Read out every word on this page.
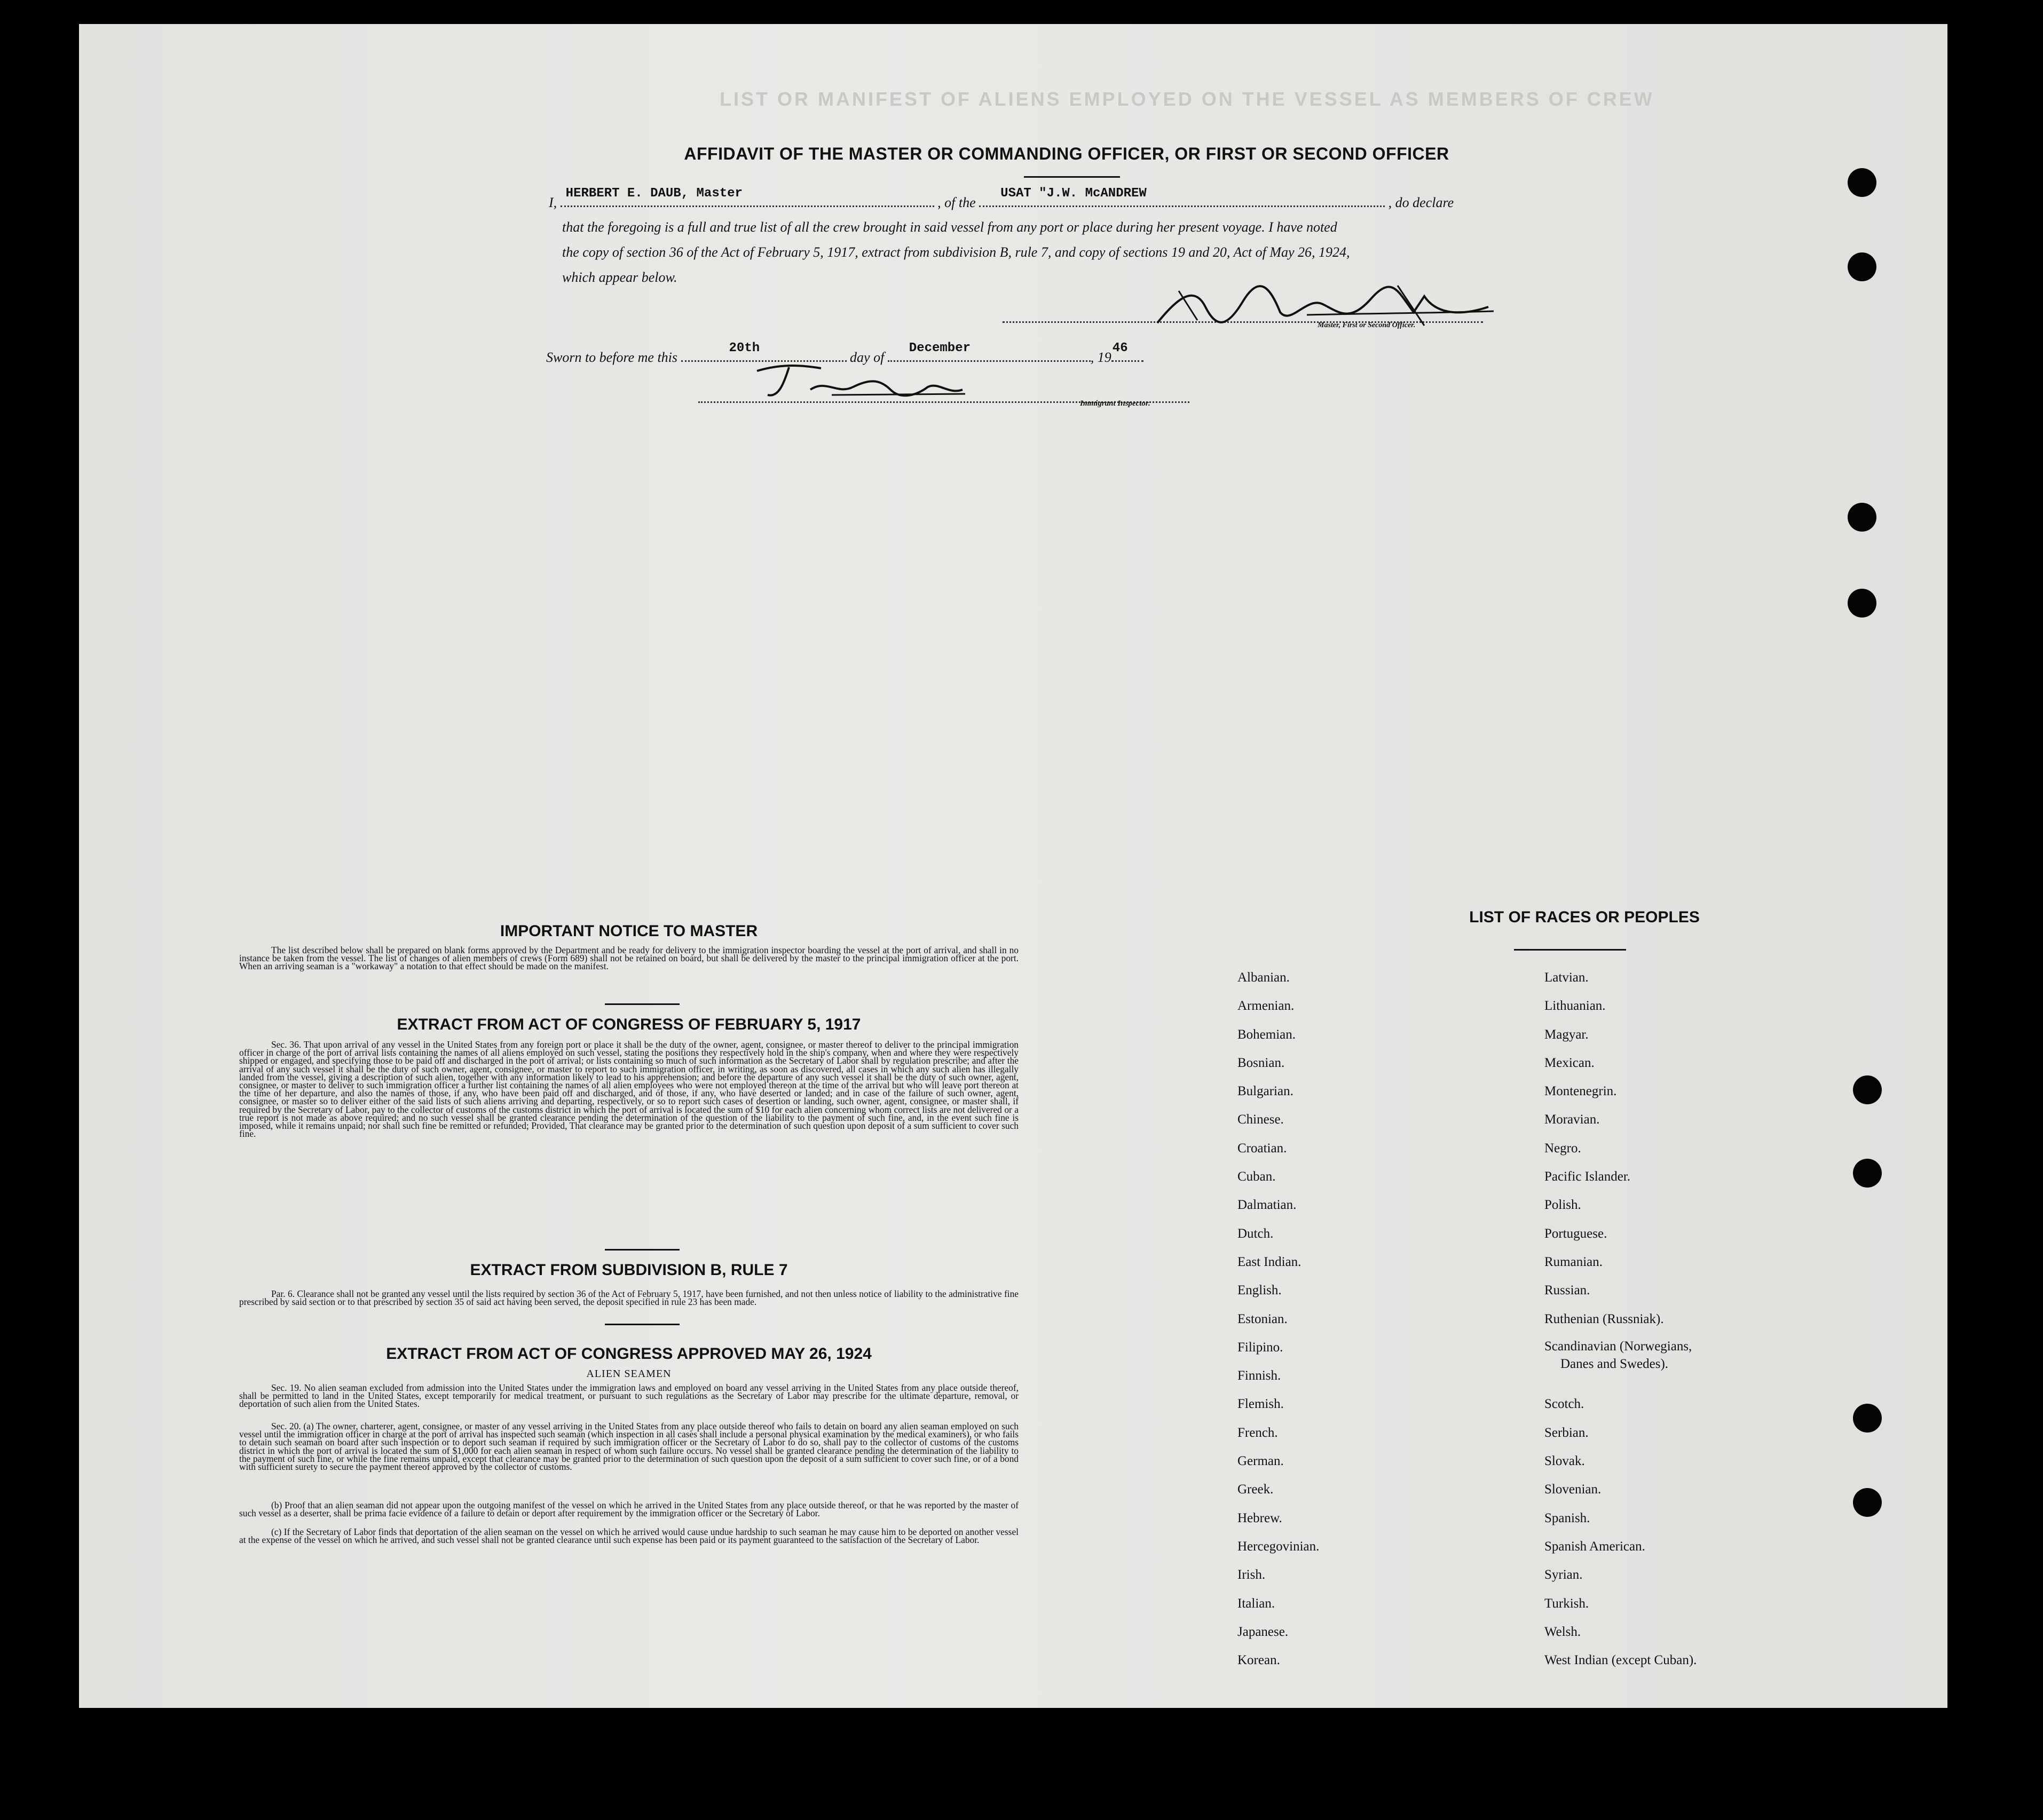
LIST OR MANIFEST OF ALIENS EMPLOYED ON THE VESSEL AS MEMBERS OF CREW
AFFIDAVIT OF THE MASTER OR COMMANDING OFFICER, OR FIRST OR SECOND OFFICER
I,
HERBERT E. DAUB, Master
, of the
USAT "J.W. McANDREW
, do declare
that the foregoing is a full and true list of all the crew brought in said vessel from any port or place during her present voyage. I have noted
the copy of section 36 of the Act of February 5, 1917, extract from subdivision B, rule 7, and copy of sections 19 and 20, Act of May 26, 1924,
which appear below.
Master, First or Second Officer.
Sworn to before me this
20th
day of
December
, 19
46
Immigrant Inspector.
IMPORTANT NOTICE TO MASTER
The list described below shall be prepared on blank forms approved by the Department and be ready for delivery to the immigration inspector boarding the vessel at the port of arrival, and shall in no instance be taken from the vessel. The list of changes of alien members of crews (Form 689) shall not be retained on board, but shall be delivered by the master to the principal immigration officer at the port. When an arriving seaman is a "workaway" a notation to that effect should be made on the manifest.
EXTRACT FROM ACT OF CONGRESS OF FEBRUARY 5, 1917
Sec. 36. That upon arrival of any vessel in the United States from any foreign port or place it shall be the duty of the owner, agent, consignee, or master thereof to deliver to the principal immigration officer in charge of the port of arrival lists containing the names of all aliens employed on such vessel, stating the positions they respectively hold in the ship's company, when and where they were respectively shipped or engaged, and specifying those to be paid off and discharged in the port of arrival; or lists containing so much of such information as the Secretary of Labor shall by regulation prescribe; and after the arrival of any such vessel it shall be the duty of such owner, agent, consignee, or master to report to such immigration officer, in writing, as soon as discovered, all cases in which any such alien has illegally landed from the vessel, giving a description of such alien, together with any information likely to lead to his apprehension; and before the departure of any such vessel it shall be the duty of such owner, agent, consignee, or master to deliver to such immigration officer a further list containing the names of all alien employees who were not employed thereon at the time of the arrival but who will leave port thereon at the time of her departure, and also the names of those, if any, who have been paid off and discharged, and of those, if any, who have deserted or landed; and in case of the failure of such owner, agent, consignee, or master so to deliver either of the said lists of such aliens arriving and departing, respectively, or so to report such cases of desertion or landing, such owner, agent, consignee, or master shall, if required by the Secretary of Labor, pay to the collector of customs of the customs district in which the port of arrival is located the sum of $10 for each alien concerning whom correct lists are not delivered or a true report is not made as above required; and no such vessel shall be granted clearance pending the determination of the question of the liability to the payment of such fine, and, in the event such fine is imposed, while it remains unpaid; nor shall such fine be remitted or refunded; Provided, That clearance may be granted prior to the determination of such question upon deposit of a sum sufficient to cover such fine.
EXTRACT FROM SUBDIVISION B, RULE 7
Par. 6. Clearance shall not be granted any vessel until the lists required by section 36 of the Act of February 5, 1917, have been furnished, and not then unless notice of liability to the administrative fine prescribed by said section or to that prescribed by section 35 of said act having been served, the deposit specified in rule 23 has been made.
EXTRACT FROM ACT OF CONGRESS APPROVED MAY 26, 1924
ALIEN SEAMEN
Sec. 19. No alien seaman excluded from admission into the United States under the immigration laws and employed on board any vessel arriving in the United States from any place outside thereof, shall be permitted to land in the United States, except temporarily for medical treatment, or pursuant to such regulations as the Secretary of Labor may prescribe for the ultimate departure, removal, or deportation of such alien from the United States.
Sec. 20. (a) The owner, charterer, agent, consignee, or master of any vessel arriving in the United States from any place outside thereof who fails to detain on board any alien seaman employed on such vessel until the immigration officer in charge at the port of arrival has inspected such seaman (which inspection in all cases shall include a personal physical examination by the medical examiners), or who fails to detain such seaman on board after such inspection or to deport such seaman if required by such immigration officer or the Secretary of Labor to do so, shall pay to the collector of customs of the customs district in which the port of arrival is located the sum of $1,000 for each alien seaman in respect of whom such failure occurs. No vessel shall be granted clearance pending the determination of the liability to the payment of such fine, or while the fine remains unpaid, except that clearance may be granted prior to the determination of such question upon the deposit of a sum sufficient to cover such fine, or of a bond with sufficient surety to secure the payment thereof approved by the collector of customs.
(b) Proof that an alien seaman did not appear upon the outgoing manifest of the vessel on which he arrived in the United States from any place outside thereof, or that he was reported by the master of such vessel as a deserter, shall be prima facie evidence of a failure to detain or deport after requirement by the immigration officer or the Secretary of Labor.
(c) If the Secretary of Labor finds that deportation of the alien seaman on the vessel on which he arrived would cause undue hardship to such seaman he may cause him to be deported on another vessel at the expense of the vessel on which he arrived, and such vessel shall not be granted clearance until such expense has been paid or its payment guaranteed to the satisfaction of the Secretary of Labor.
LIST OF RACES OR PEOPLES
Albanian.
Armenian.
Bohemian.
Bosnian.
Bulgarian.
Chinese.
Croatian.
Cuban.
Dalmatian.
Dutch.
East Indian.
English.
Estonian.
Filipino.
Finnish.
Flemish.
French.
German.
Greek.
Hebrew.
Hercegovinian.
Irish.
Italian.
Japanese.
Korean.
Latvian.
Lithuanian.
Magyar.
Mexican.
Montenegrin.
Moravian.
Negro.
Pacific Islander.
Polish.
Portuguese.
Rumanian.
Russian.
Ruthenian (Russniak).
Scandinavian (Norwegians,
Danes and Swedes).
Scotch.
Serbian.
Slovak.
Slovenian.
Spanish.
Spanish American.
Syrian.
Turkish.
Welsh.
West Indian (except Cuban).
